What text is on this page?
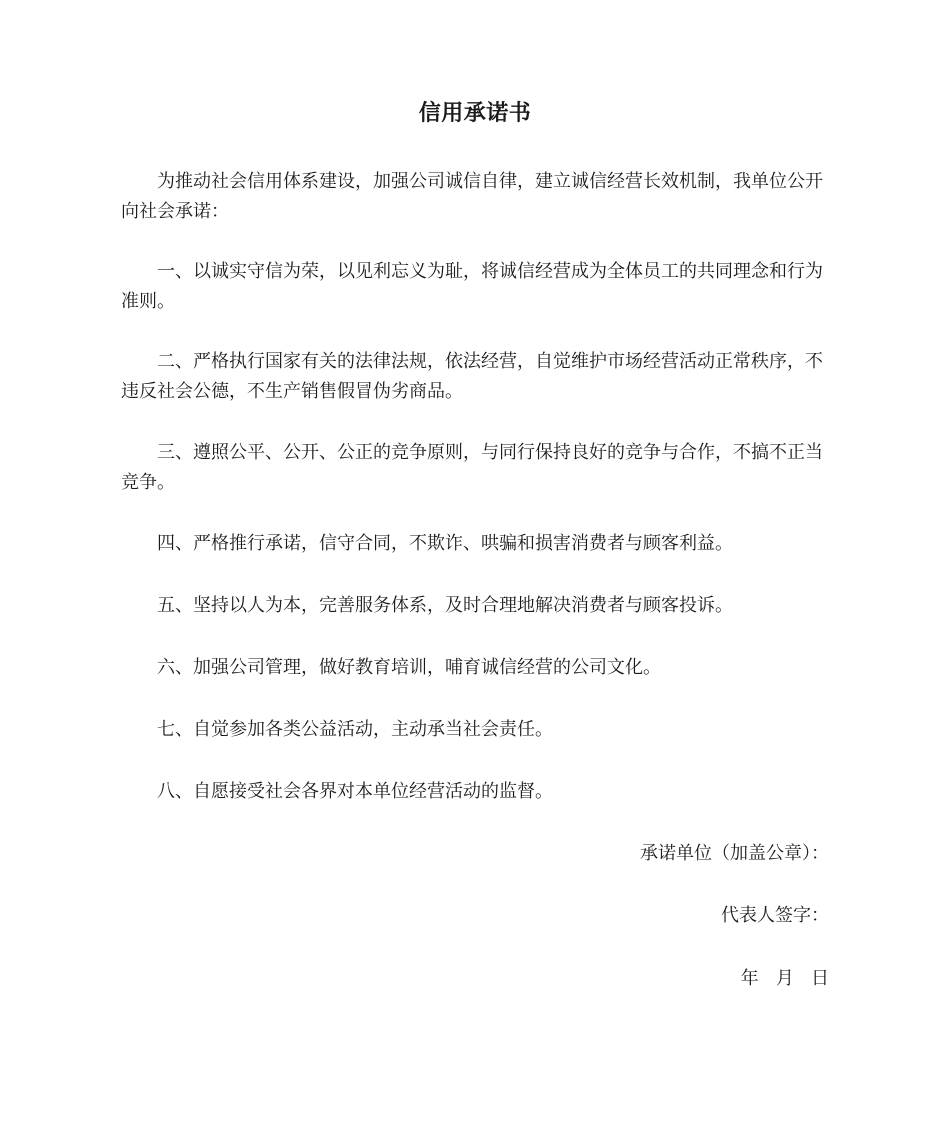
信用承诺书

为推动社会信用体系建设，加强公司诚信自律，建立诚信经营长效机制，我单位公开向社会承诺：

一、以诚实守信为荣，以见利忘义为耻，将诚信经营成为全体员工的共同理念和行为准则。

二、严格执行国家有关的法律法规，依法经营，自觉维护市场经营活动正常秩序，不违反社会公德，不生产销售假冒伪劣商品。

三、遵照公平、公开、公正的竞争原则，与同行保持良好的竞争与合作，不搞不正当竞争。

四、严格推行承诺，信守合同，不欺诈、哄骗和损害消费者与顾客利益。

五、坚持以人为本，完善服务体系，及时合理地解决消费者与顾客投诉。

六、加强公司管理，做好教育培训，哺育诚信经营的公司文化。

七、自觉参加各类公益活动，主动承当社会责任。

八、自愿接受社会各界对本单位经营活动的监督。

承诺单位（加盖公章）：
代表人签字：
年   月   日
